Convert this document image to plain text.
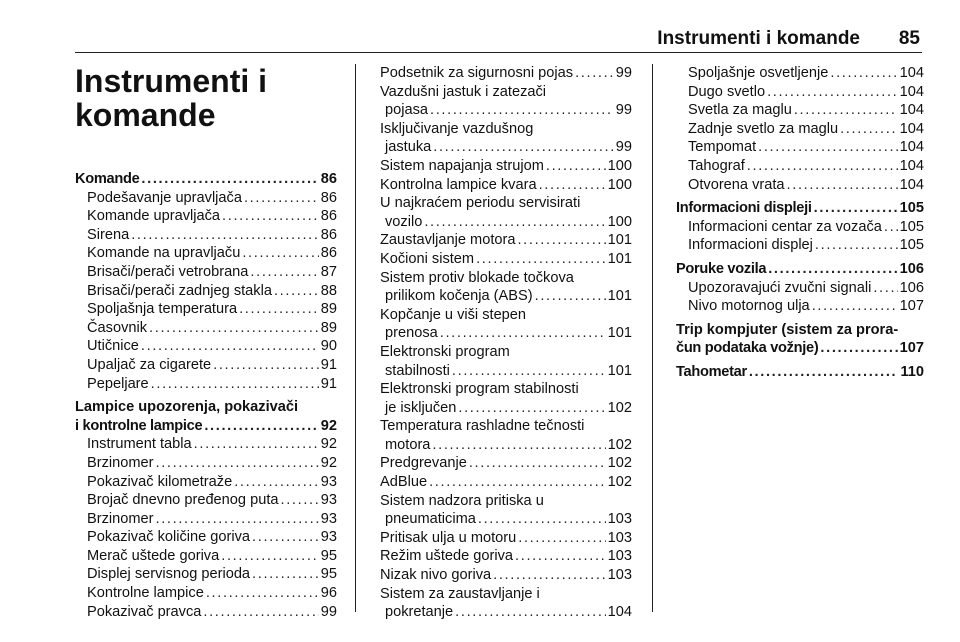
Instrumenti i komande 85
Instrumenti i
komande
Komande . . .	86
Podešavanje upravljača . . .	86
Komande upravljača . . .	86
Sirena . . .	86
Komande na upravljaču . . .	86
Brisači/perači vetrobrana . . .	87
Brisači/perači zadnjeg stakla . . .	88
Spoljašnja temperatura . . .	89
Časovnik . . .	89
Utičnice . . .	90
Upaljač za cigarete . . .	91
Pepeljare . . .	91
Lampice upozorenja, pokazivači
i kontrolne lampice . . .	92
Instrument tabla . . .	92
Brzinomer . . .	92
Pokazivač kilometraže . . .	93
Brojač dnevno pređenog puta . . .	93
Brzinomer . . .	93
Pokazivač količine goriva . . .	93
Merač uštede goriva . . .	95
Displej servisnog perioda . . .	95
Kontrolne lampice . . .	96
Pokazivač pravca . . .	99
Podsetnik za sigurnosni pojas . . .	99
Vazdušni jastuk i zatezači
pojasa . . .	99
Isključivanje vazdušnog
jastuka . . .	99
Sistem napajanja strujom . . .	100
Kontrolna lampice kvara . . .	100
U najkraćem periodu servisirati
vozilo . . .	100
Zaustavljanje motora . . .	101
Kočioni sistem . . .	101
Sistem protiv blokade točkova
prilikom kočenja (ABS) . . .	101
Kopčanje u viši stepen
prenosa . . .	101
Elektronski program
stabilnosti . . .	101
Elektronski program stabilnosti
je isključen . . .	102
Temperatura rashladne tečnosti
motora . . .	102
Predgrevanje . . .	102
AdBlue . . .	102
Sistem nadzora pritiska u
pneumaticima . . .	103
Pritisak ulja u motoru . . .	103
Režim uštede goriva . . .	103
Nizak nivo goriva . . .	103
Sistem za zaustavljanje i
pokretanje . . .	104
Spoljašnje osvetljenje . . .	104
Dugo svetlo . . .	104
Svetla za maglu . . .	104
Zadnje svetlo za maglu . . .	104
Tempomat . . .	104
Tahograf . . .	104
Otvorena vrata . . .	104
Informacioni displeji . . .	105
Informacioni centar za vozača . . . 105
Informacioni displej . . .	105
Poruke vozila . . .	106
Upozoravajući zvučni signali . . . 106
Nivo motornog ulja . . .	107
Trip kompjuter (sistem za prora-
čun podataka vožnje) . . .	107
Tahometar . . .	110
